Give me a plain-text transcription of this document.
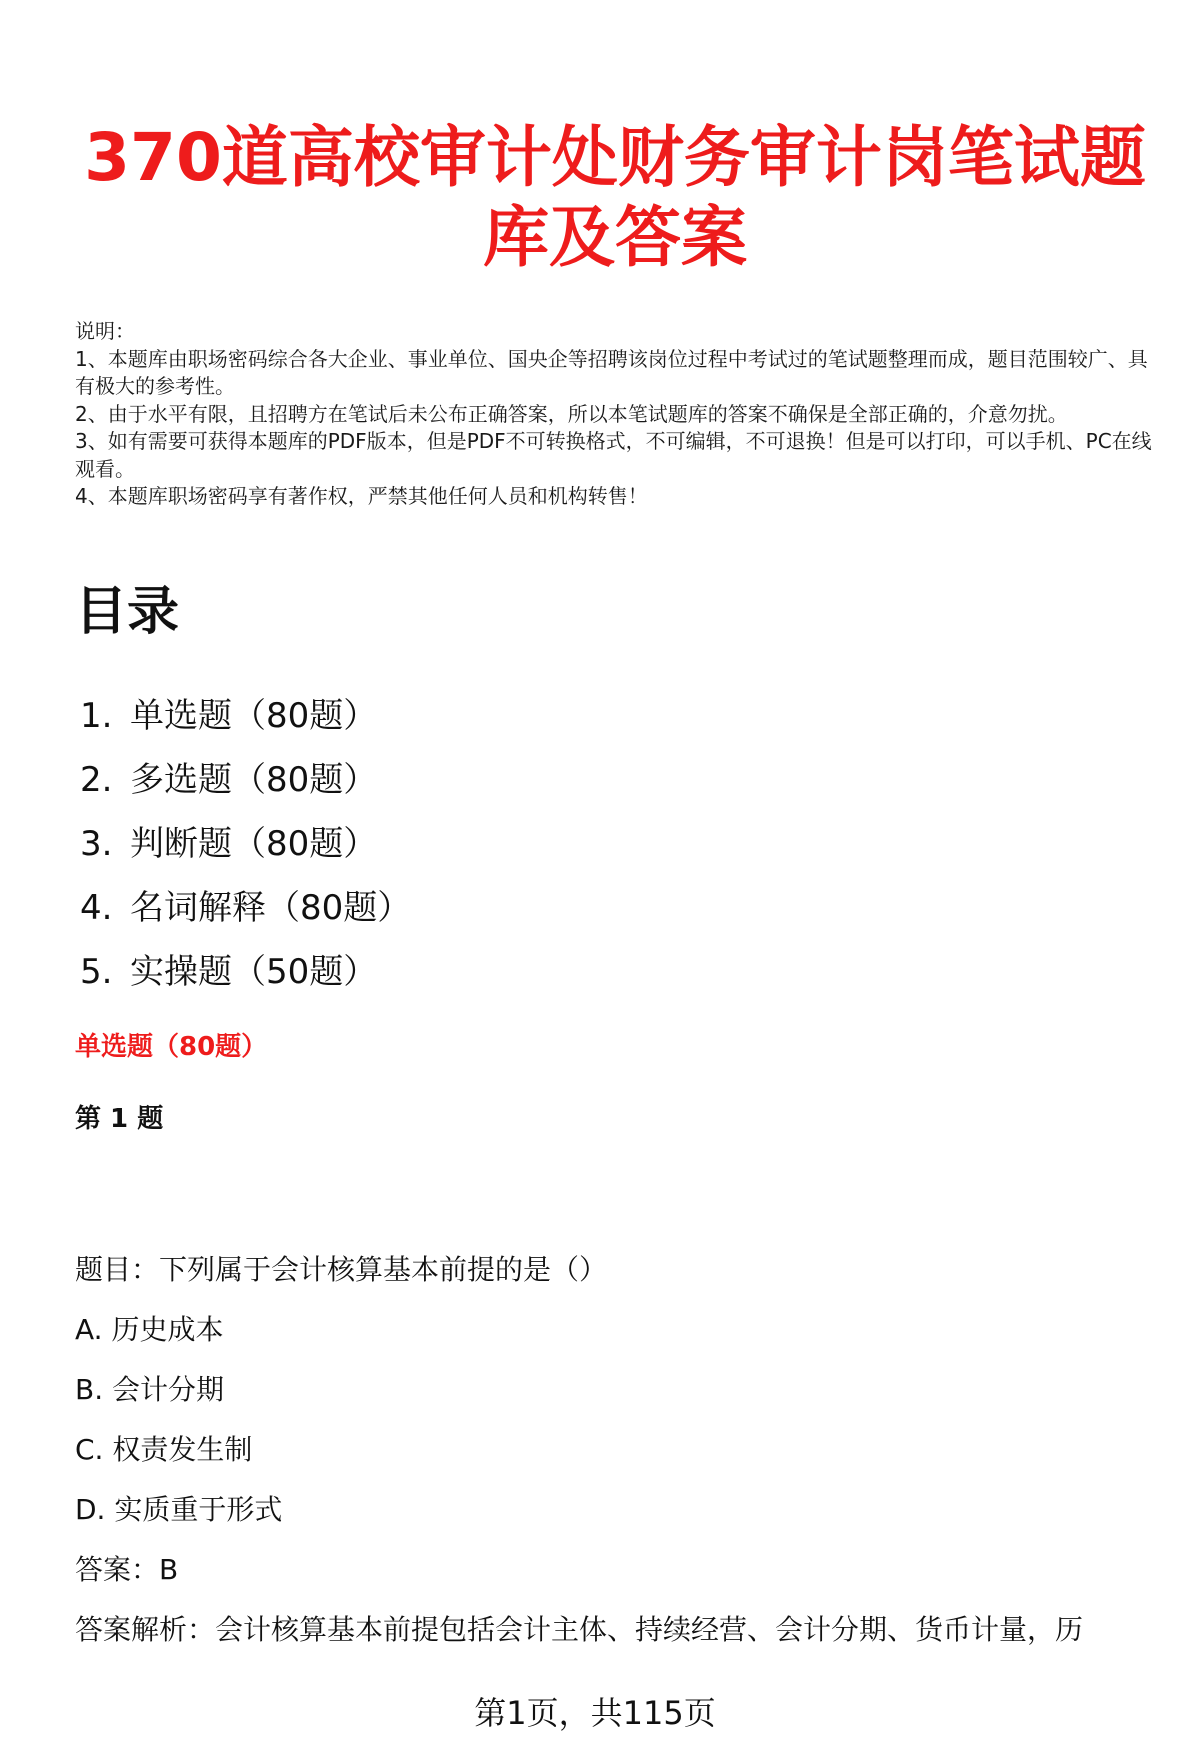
370道高校审计处财务审计岗笔试题库及答案
说明：
1、本题库由职场密码综合各大企业、事业单位、国央企等招聘该岗位过程中考试过的笔试题整理而成，题目范围较广、具有极大的参考性。
2、由于水平有限，且招聘方在笔试后未公布正确答案，所以本笔试题库的答案不确保是全部正确的，介意勿扰。
3、如有需要可获得本题库的PDF版本，但是PDF不可转换格式，不可编辑，不可退换！但是可以打印，可以手机、PC在线观看。
4、本题库职场密码享有著作权，严禁其他任何人员和机构转售！
目录
1. 单选题（80题）
2. 多选题（80题）
3. 判断题（80题）
4. 名词解释（80题）
5. 实操题（50题）
单选题（80题）
第 1 题
题目：下列属于会计核算基本前提的是（）
A. 历史成本
B. 会计分期
C. 权责发生制
D. 实质重于形式
答案：B
答案解析：会计核算基本前提包括会计主体、持续经营、会计分期、货币计量，历
第1页，共115页
